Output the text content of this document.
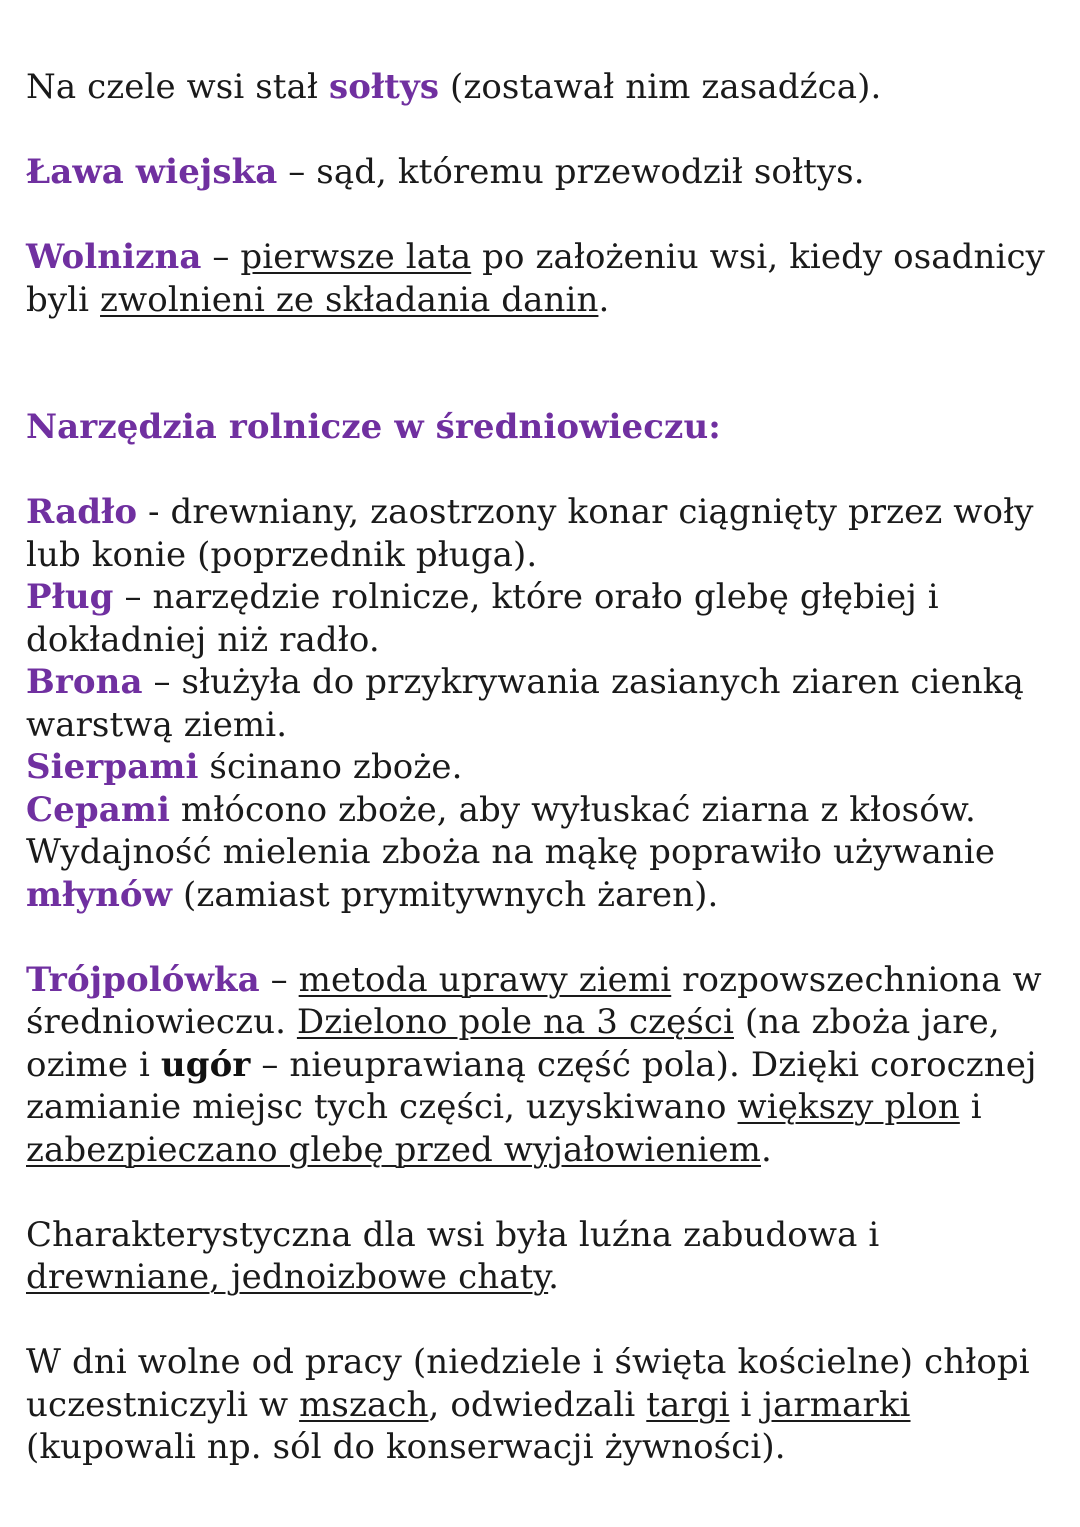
Na czele wsi stał sołtys (zostawał nim zasadźca).

Ława wiejska – sąd, któremu przewodził sołtys.

Wolnizna – pierwsze lata po założeniu wsi, kiedy osadnicy byli zwolnieni ze składania danin.

Narzędzia rolnicze w średniowieczu:

Radło - drewniany, zaostrzony konar ciągnięty przez woły lub konie (poprzednik pługa).

Pług – narzędzie rolnicze, które orało glebę głębiej i dokładniej niż radło.

Brona – służyła do przykrywania zasianych ziaren cienką warstwą ziemi.

Sierpami ścinano zboże.

Cepami młócono zboże, aby wyłuskać ziarna z kłosów.

Wydajność mielenia zboża na mąkę poprawiło używanie młynów (zamiast prymitywnych żaren).

Trójpolówka – metoda uprawy ziemi rozpowszechniona w średniowieczu. Dzielono pole na 3 części (na zboża jare, ozime i ugór – nieuprawianą część pola). Dzięki corocznej zamianie miejsc tych części, uzyskiwano większy plon i zabezpieczano glebę przed wyjałowieniem.

Charakterystyczna dla wsi była luźna zabudowa i drewniane, jednoizbowe chaty.

W dni wolne od pracy (niedziele i święta kościelne) chłopi uczestniczyli w mszach, odwiedzali targi i jarmarki (kupowali np. sól do konserwacji żywności).
